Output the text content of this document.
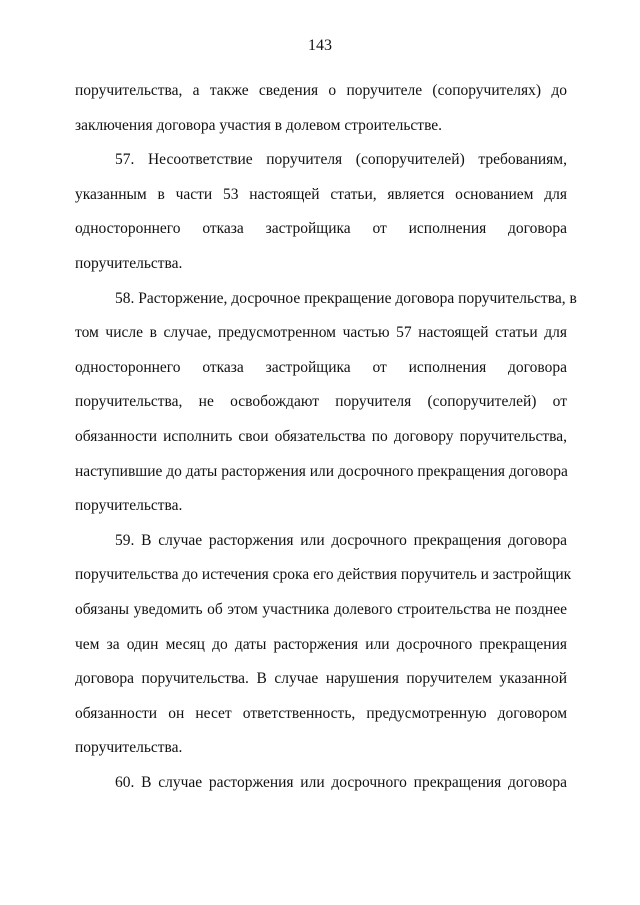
143

поручительства, а также сведения о поручителе (сопоручителях) до
заключения договора участия в долевом строительстве.

57. Несоответствие поручителя (сопоручителей) требованиям,
указанным в части 53 настоящей статьи, является основанием для
одностороннего отказа застройщика от исполнения договора
поручительства.

58. Расторжение, досрочное прекращение договора поручительства, в
том числе в случае, предусмотренном частью 57 настоящей статьи для
одностороннего отказа застройщика от исполнения договора
поручительства, не освобождают поручителя (сопоручителей) от
обязанности исполнить свои обязательства по договору поручительства,
наступившие до даты расторжения или досрочного прекращения договора
поручительства.

59. В случае расторжения или досрочного прекращения договора
поручительства до истечения срока его действия поручитель и застройщик
обязаны уведомить об этом участника долевого строительства не позднее
чем за один месяц до даты расторжения или досрочного прекращения
договора поручительства. В случае нарушения поручителем указанной
обязанности он несет ответственность, предусмотренную договором
поручительства.

60. В случае расторжения или досрочного прекращения договора
